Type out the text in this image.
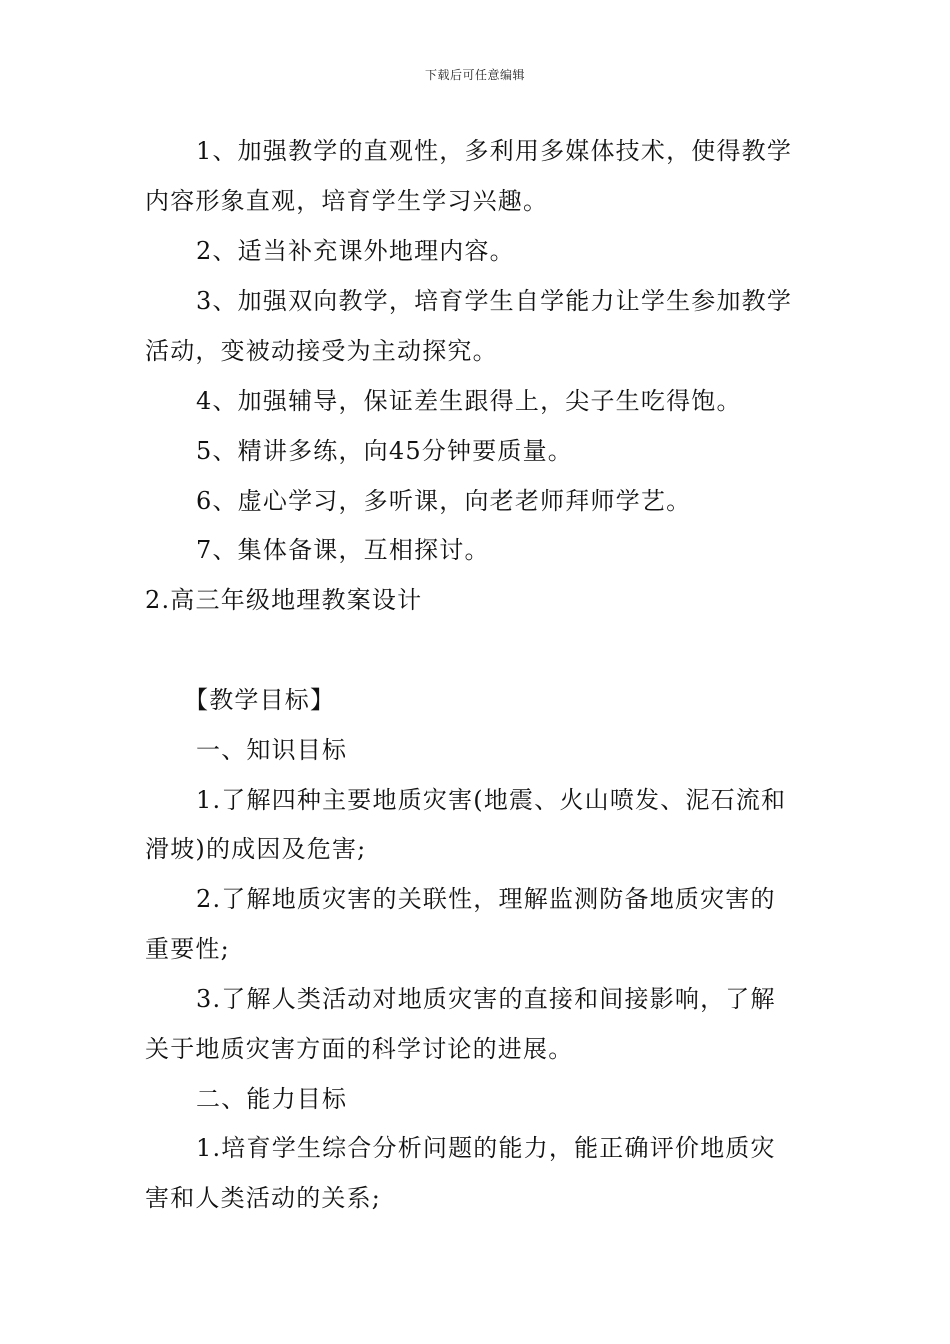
下载后可任意编辑
1、加强教学的直观性，多利用多媒体技术，使得教学
内容形象直观，培育学生学习兴趣。
2、适当补充课外地理内容。
3、加强双向教学，培育学生自学能力让学生参加教学
活动，变被动接受为主动探究。
4、加强辅导，保证差生跟得上，尖子生吃得饱。
5、精讲多练，向45分钟要质量。
6、虚心学习，多听课，向老老师拜师学艺。
7、集体备课，互相探讨。
2.高三年级地理教案设计
【教学目标】
一、知识目标
1.了解四种主要地质灾害(地震、火山喷发、泥石流和
滑坡)的成因及危害;
2.了解地质灾害的关联性，理解监测防备地质灾害的
重要性;
3.了解人类活动对地质灾害的直接和间接影响，了解
关于地质灾害方面的科学讨论的进展。
二、能力目标
1.培育学生综合分析问题的能力，能正确评价地质灾
害和人类活动的关系;
